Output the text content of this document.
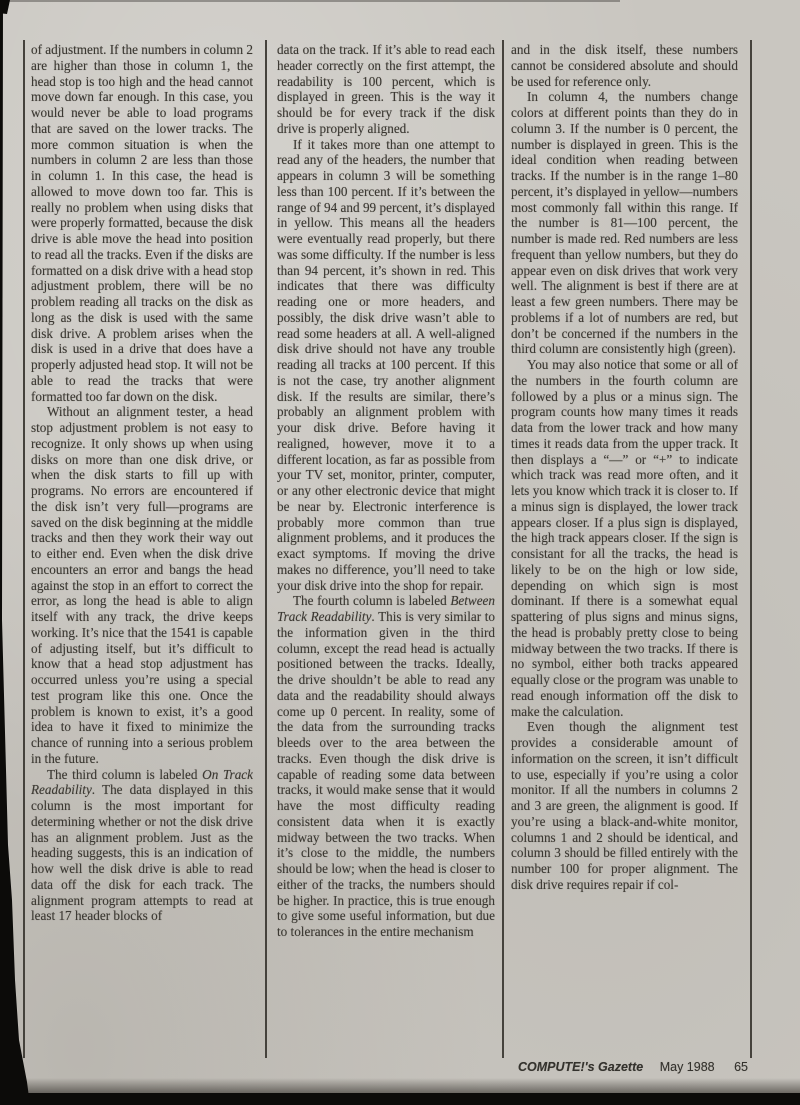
of adjustment. If the numbers in column 2 are higher than those in column 1, the head stop is too high and the head cannot move down far enough. In this case, you would never be able to load programs that are saved on the lower tracks. The more common situation is when the numbers in column 2 are less than those in column 1. In this case, the head is allowed to move down too far. This is really no problem when using disks that were properly formatted, because the disk drive is able move the head into position to read all the tracks. Even if the disks are formatted on a disk drive with a head stop adjustment problem, there will be no problem reading all tracks on the disk as long as the disk is used with the same disk drive. A problem arises when the disk is used in a drive that does have a properly adjusted head stop. It will not be able to read the tracks that were formatted too far down on the disk.

Without an alignment tester, a head stop adjustment problem is not easy to recognize. It only shows up when using disks on more than one disk drive, or when the disk starts to fill up with programs. No errors are encountered if the disk isn’t very full—programs are saved on the disk beginning at the middle tracks and then they work their way out to either end. Even when the disk drive encounters an error and bangs the head against the stop in an effort to correct the error, as long the head is able to align itself with any track, the drive keeps working. It’s nice that the 1541 is capable of adjusting itself, but it’s difficult to know that a head stop adjustment has occurred unless you’re using a special test program like this one. Once the problem is known to exist, it’s a good idea to have it fixed to minimize the chance of running into a serious problem in the future.

The third column is labeled On Track Readability. The data displayed in this column is the most important for determining whether or not the disk drive has an alignment problem. Just as the heading suggests, this is an indication of how well the disk drive is able to read data off the disk for each track. The alignment program attempts to read at least 17 header blocks of

data on the track. If it’s able to read each header correctly on the first attempt, the readability is 100 percent, which is displayed in green. This is the way it should be for every track if the disk drive is properly aligned.

If it takes more than one attempt to read any of the headers, the number that appears in column 3 will be something less than 100 percent. If it’s between the range of 94 and 99 percent, it’s displayed in yellow. This means all the headers were eventually read properly, but there was some difficulty. If the number is less than 94 percent, it’s shown in red. This indicates that there was difficulty reading one or more headers, and possibly, the disk drive wasn’t able to read some headers at all. A well-aligned disk drive should not have any trouble reading all tracks at 100 percent. If this is not the case, try another alignment disk. If the results are similar, there’s probably an alignment problem with your disk drive. Before having it realigned, however, move it to a different location, as far as possible from your TV set, monitor, printer, computer, or any other electronic device that might be near by. Electronic interference is probably more common than true alignment problems, and it produces the exact symptoms. If moving the drive makes no difference, you’ll need to take your disk drive into the shop for repair.

The fourth column is labeled Between Track Readability. This is very similar to the information given in the third column, except the read head is actually positioned between the tracks. Ideally, the drive shouldn’t be able to read any data and the readability should always come up 0 percent. In reality, some of the data from the surrounding tracks bleeds over to the area between the tracks. Even though the disk drive is capable of reading some data between tracks, it would make sense that it would have the most difficulty reading consistent data when it is exactly midway between the two tracks. When it’s close to the middle, the numbers should be low; when the head is closer to either of the tracks, the numbers should be higher. In practice, this is true enough to give some useful information, but due to tolerances in the entire mechanism

and in the disk itself, these numbers cannot be considered absolute and should be used for reference only.

In column 4, the numbers change colors at different points than they do in column 3. If the number is 0 percent, the number is displayed in green. This is the ideal condition when reading between tracks. If the number is in the range 1–80 percent, it’s displayed in yellow—numbers most commonly fall within this range. If the number is 81—100 percent, the number is made red. Red numbers are less frequent than yellow numbers, but they do appear even on disk drives that work very well. The alignment is best if there are at least a few green numbers. There may be problems if a lot of numbers are red, but don’t be concerned if the numbers in the third column are consistently high (green).

You may also notice that some or all of the numbers in the fourth column are followed by a plus or a minus sign. The program counts how many times it reads data from the lower track and how many times it reads data from the upper track. It then displays a “—” or “+” to indicate which track was read more often, and it lets you know which track it is closer to. If a minus sign is displayed, the lower track appears closer. If a plus sign is displayed, the high track appears closer. If the sign is consistant for all the tracks, the head is likely to be on the high or low side, depending on which sign is most dominant. If there is a somewhat equal spattering of plus signs and minus signs, the head is probably pretty close to being midway between the two tracks. If there is no symbol, either both tracks appeared equally close or the program was unable to read enough information off the disk to make the calculation.

Even though the alignment test provides a considerable amount of information on the screen, it isn’t difficult to use, especially if you’re using a color monitor. If all the numbers in columns 2 and 3 are green, the alignment is good. If you’re using a black-and-white monitor, columns 1 and 2 should be identical, and column 3 should be filled entirely with the number 100 for proper alignment. The disk drive requires repair if col-

COMPUTE!'s Gazette May 1988 65
